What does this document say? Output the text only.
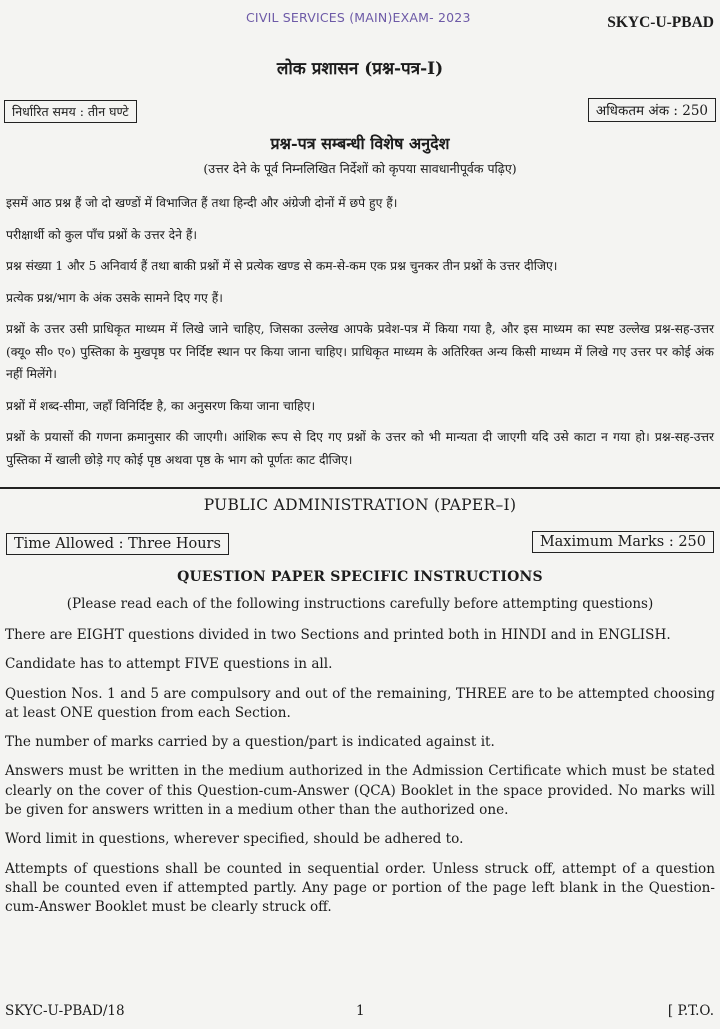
CIVIL SERVICES (MAIN)EXAM- 2023	SKYC-U-PBAD
लोक प्रशासन (प्रश्न-पत्र-I)
निर्धारित समय : तीन घण्टे	अधिकतम अंक : 250
प्रश्न-पत्र सम्बन्धी विशेष अनुदेश
(उत्तर देने के पूर्व निम्नलिखित निर्देशों को कृपया सावधानीपूर्वक पढ़िए)

इसमें आठ प्रश्न हैं जो दो खण्डों में विभाजित हैं तथा हिन्दी और अंग्रेजी दोनों में छपे हुए हैं।

परीक्षार्थी को कुल पाँच प्रश्नों के उत्तर देने हैं।

प्रश्न संख्या 1 और 5 अनिवार्य हैं तथा बाकी प्रश्नों में से प्रत्येक खण्ड से कम-से-कम एक प्रश्न चुनकर तीन प्रश्नों के उत्तर दीजिए।

प्रत्येक प्रश्न/भाग के अंक उसके सामने दिए गए हैं।

प्रश्नों के उत्तर उसी प्राधिकृत माध्यम में लिखे जाने चाहिए, जिसका उल्लेख आपके प्रवेश-पत्र में किया गया है, और इस माध्यम का स्पष्ट उल्लेख प्रश्न-सह-उत्तर (क्यू० सी० ए०) पुस्तिका के मुखपृष्ठ पर निर्दिष्ट स्थान पर किया जाना चाहिए। प्राधिकृत माध्यम के अतिरिक्त अन्य किसी माध्यम में लिखे गए उत्तर पर कोई अंक नहीं मिलेंगे।

प्रश्नों में शब्द-सीमा, जहाँ विनिर्दिष्ट है, का अनुसरण किया जाना चाहिए।

प्रश्नों के प्रयासों की गणना क्रमानुसार की जाएगी। आंशिक रूप से दिए गए प्रश्नों के उत्तर को भी मान्यता दी जाएगी यदि उसे काटा न गया हो। प्रश्न-सह-उत्तर पुस्तिका में खाली छोड़े गए कोई पृष्ठ अथवा पृष्ठ के भाग को पूर्णतः काट दीजिए।

PUBLIC ADMINISTRATION (PAPER–I)
Time Allowed : Three Hours	Maximum Marks : 250
QUESTION PAPER SPECIFIC INSTRUCTIONS
(Please read each of the following instructions carefully before attempting questions)

There are EIGHT questions divided in two Sections and printed both in HINDI and in ENGLISH.

Candidate has to attempt FIVE questions in all.

Question Nos. 1 and 5 are compulsory and out of the remaining, THREE are to be attempted choosing at least ONE question from each Section.

The number of marks carried by a question/part is indicated against it.

Answers must be written in the medium authorized in the Admission Certificate which must be stated clearly on the cover of this Question-cum-Answer (QCA) Booklet in the space provided. No marks will be given for answers written in a medium other than the authorized one.

Word limit in questions, wherever specified, should be adhered to.

Attempts of questions shall be counted in sequential order. Unless struck off, attempt of a question shall be counted even if attempted partly. Any page or portion of the page left blank in the Question-cum-Answer Booklet must be clearly struck off.

SKYC-U-PBAD/18	1	[ P.T.O.
